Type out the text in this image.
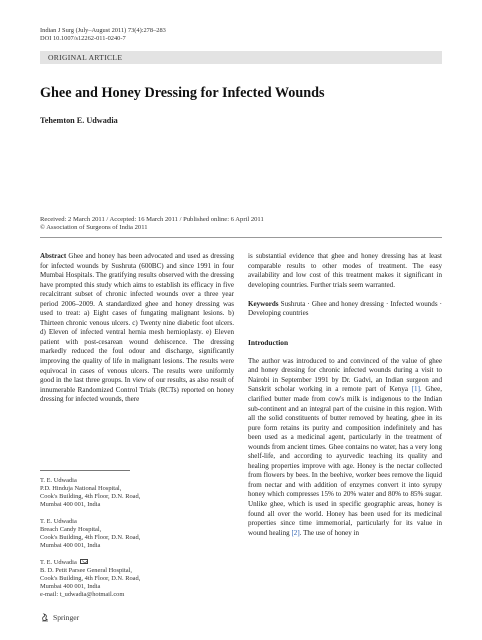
Indian J Surg (July–August 2011) 73(4):278–283
DOI 10.1007/s12262-011-0240-7
ORIGINAL ARTICLE
Ghee and Honey Dressing for Infected Wounds
Tehemton E. Udwadia
Received: 2 March 2011 / Accepted: 16 March 2011 / Published online: 6 April 2011
© Association of Surgeons of India 2011

Abstract Ghee and honey has been advocated and used as dressing for infected wounds by Sushruta (600BC) and since 1991 in four Mumbai Hospitals. The gratifying results observed with the dressing have prompted this study which aims to establish its efficacy in five recalcitrant subset of chronic infected wounds over a three year period 2006–2009. A standardized ghee and honey dressing was used to treat: a) Eight cases of fungating malignant lesions. b) Thirteen chronic venous ulcers. c) Twenty nine diabetic foot ulcers. d) Eleven of infected ventral hernia mesh hernioplasty. e) Eleven patient with post-cesarean wound dehiscence. The dressing markedly reduced the foul odour and discharge, significantly improving the quality of life in malignant lesions. The results were equivocal in cases of venous ulcers. The results were uniformly good in the last three groups. In view of our results, as also result of innumerable Randomized Control Trials (RCTs) reported on honey dressing for infected wounds, there

is substantial evidence that ghee and honey dressing has at least comparable results to other modes of treatment. The easy availability and low cost of this treatment makes it significant in developing countries. Further trials seem warranted.

Keywords Sushruta · Ghee and honey dressing · Infected wounds · Developing countries

Introduction

The author was introduced to and convinced of the value of ghee and honey dressing for chronic infected wounds during a visit to Nairobi in September 1991 by Dr. Gadvi, an Indian surgeon and Sanskrit scholar working in a remote part of Kenya [1]. Ghee, clarified butter made from cow's milk is indigenous to the Indian sub-continent and an integral part of the cuisine in this region. With all the solid constituents of butter removed by heating, ghee in its pure form retains its purity and composition indefinitely and has been used as a medicinal agent, particularly in the treatment of wounds from ancient times. Ghee contains no water, has a very long shelf-life, and according to ayurvedic teaching its quality and healing properties improve with age. Honey is the nectar collected from flowers by bees. In the beehive, worker bees remove the liquid from nectar and with addition of enzymes convert it into syrupy honey which compresses 15% to 20% water and 80% to 85% sugar. Unlike ghee, which is used in specific geographic areas, honey is found all over the world. Honey has been used for its medicinal properties since time immemorial, particularly for its value in wound healing [2]. The use of honey in

T. E. Udwadia
P.D. Hinduja National Hospital,
Cook's Building, 4th Floor, D.N. Road,
Mumbai 400 001, India
T. E. Udwadia
Breach Candy Hospital,
Cook's Building, 4th Floor, D.N. Road,
Mumbai 400 001, India
T. E. Udwadia
B. D. Petit Parsee General Hospital,
Cook's Building, 4th Floor, D.N. Road,
Mumbai 400 001, India
e-mail: t_udwadia@hotmail.com
Springer
